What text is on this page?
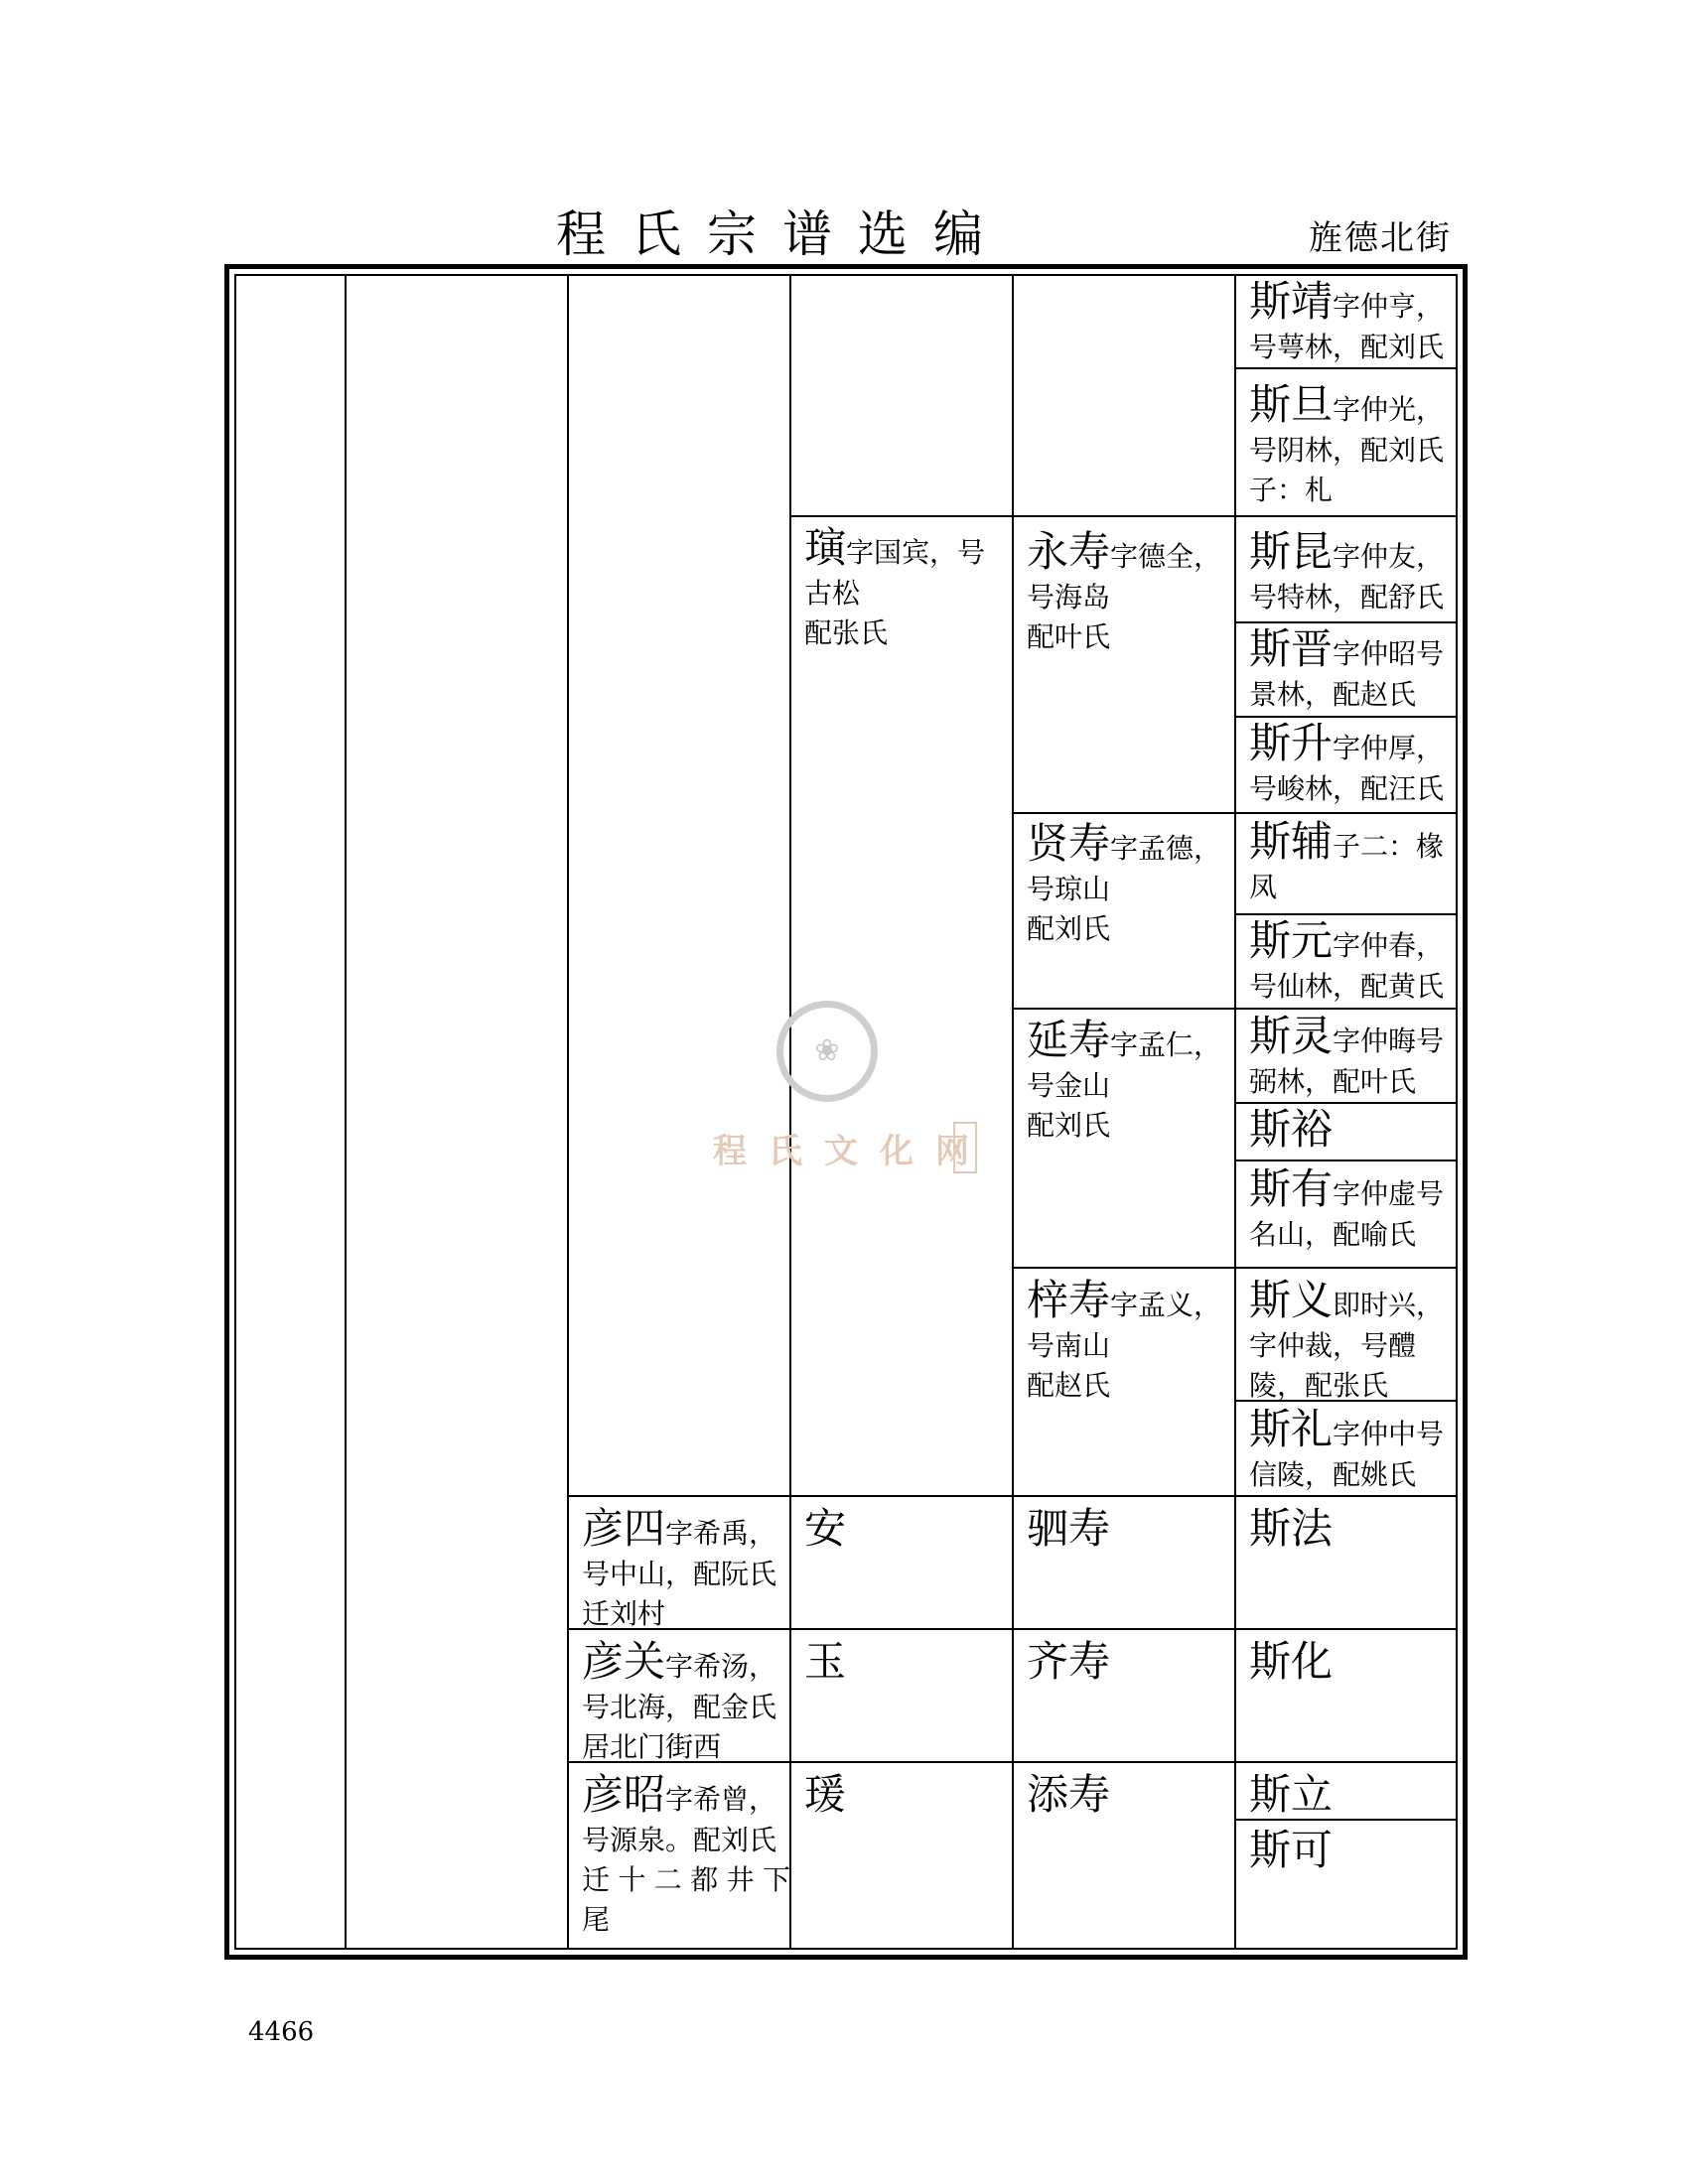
程氏宗谱选编	旌德北街
❀
程氏文化网
彦四字希禹，
号中山，配阮氏
迁刘村
彦关字希汤，
号北海，配金氏
居北门街西
彦昭字希曾，
号源泉。配刘氏

迁十二都井下
尾
璌字国宾，号
古松
配张氏
安
玉
瑗
永寿字德全，
号海岛
配叶氏
贤寿字孟德，
号琼山
配刘氏
延寿字孟仁，
号金山
配刘氏
梓寿字孟义，
号南山
配赵氏
驷寿
齐寿
添寿
斯靖字仲亨，号萼林，配刘氏
斯旦字仲光，号阴林，配刘氏子：札
斯昆字仲友，号特林，配舒氏
斯晋字仲昭号景林，配赵氏
斯升字仲厚，号峻林，配汪氏
斯辅子二：椽凤
斯元字仲春，号仙林，配黄氏
斯灵字仲晦号弼林，配叶氏
斯裕
斯有字仲虚号名山，配喻氏
斯义即时兴，字仲裁，号醴陵，配张氏
斯礼字仲中号信陵，配姚氏
斯法
斯化
斯立
斯可
4466
